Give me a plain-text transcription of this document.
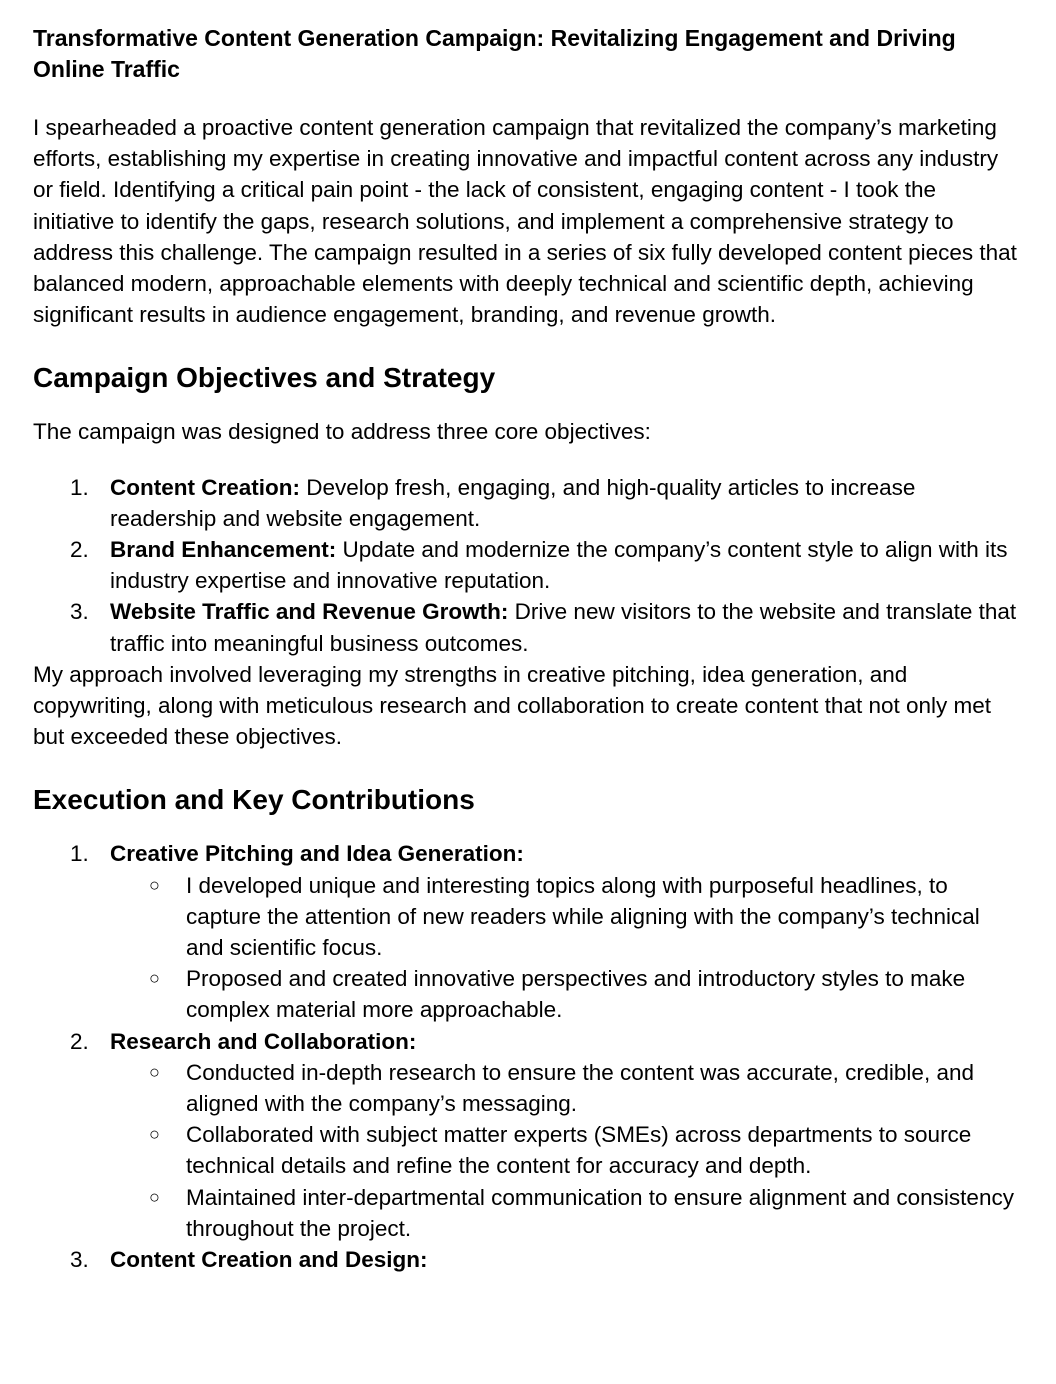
Transformative Content Generation Campaign: Revitalizing Engagement and Driving Online Traffic

I spearheaded a proactive content generation campaign that revitalized the company’s marketing efforts, establishing my expertise in creating innovative and impactful content across any industry or field. Identifying a critical pain point - the lack of consistent, engaging content - I took the initiative to identify the gaps, research solutions, and implement a comprehensive strategy to address this challenge. The campaign resulted in a series of six fully developed content pieces that balanced modern, approachable elements with deeply technical and scientific depth, achieving significant results in audience engagement, branding, and revenue growth.

Campaign Objectives and Strategy

The campaign was designed to address three core objectives:

1. Content Creation: Develop fresh, engaging, and high-quality articles to increase readership and website engagement.
2. Brand Enhancement: Update and modernize the company’s content style to align with its industry expertise and innovative reputation.
3. Website Traffic and Revenue Growth: Drive new visitors to the website and translate that traffic into meaningful business outcomes.

My approach involved leveraging my strengths in creative pitching, idea generation, and copywriting, along with meticulous research and collaboration to create content that not only met but exceeded these objectives.

Execution and Key Contributions
1. Creative Pitching and Idea Generation:
○ I developed unique and interesting topics along with purposeful headlines, to capture the attention of new readers while aligning with the company’s technical and scientific focus.
○ Proposed and created innovative perspectives and introductory styles to make complex material more approachable.
2. Research and Collaboration:
○ Conducted in-depth research to ensure the content was accurate, credible, and aligned with the company’s messaging.
○ Collaborated with subject matter experts (SMEs) across departments to source technical details and refine the content for accuracy and depth.
○ Maintained inter-departmental communication to ensure alignment and consistency throughout the project.
3. Content Creation and Design:
